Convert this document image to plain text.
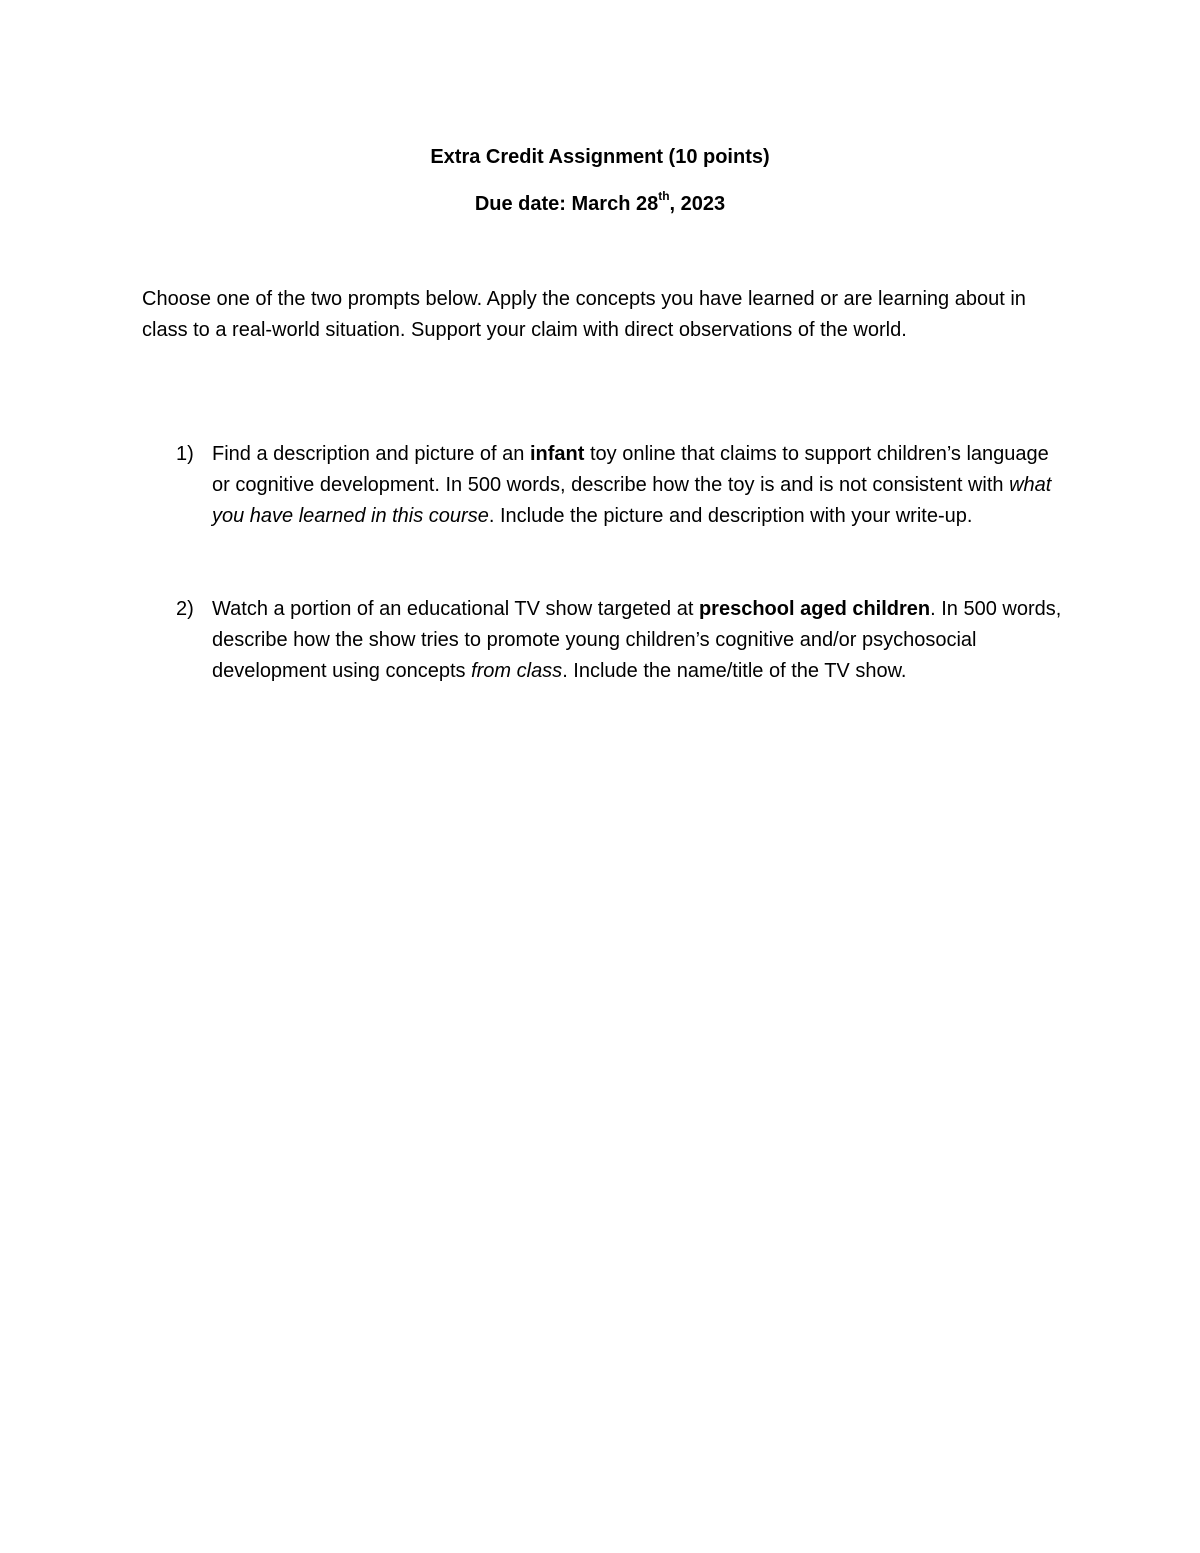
Extra Credit Assignment (10 points)
Due date: March 28th, 2023
Choose one of the two prompts below. Apply the concepts you have learned or are learning about in class to a real-world situation. Support your claim with direct observations of the world.
1) Find a description and picture of an infant toy online that claims to support children’s language or cognitive development. In 500 words, describe how the toy is and is not consistent with what you have learned in this course. Include the picture and description with your write-up.
2) Watch a portion of an educational TV show targeted at preschool aged children. In 500 words, describe how the show tries to promote young children’s cognitive and/or psychosocial development using concepts from class. Include the name/title of the TV show.
